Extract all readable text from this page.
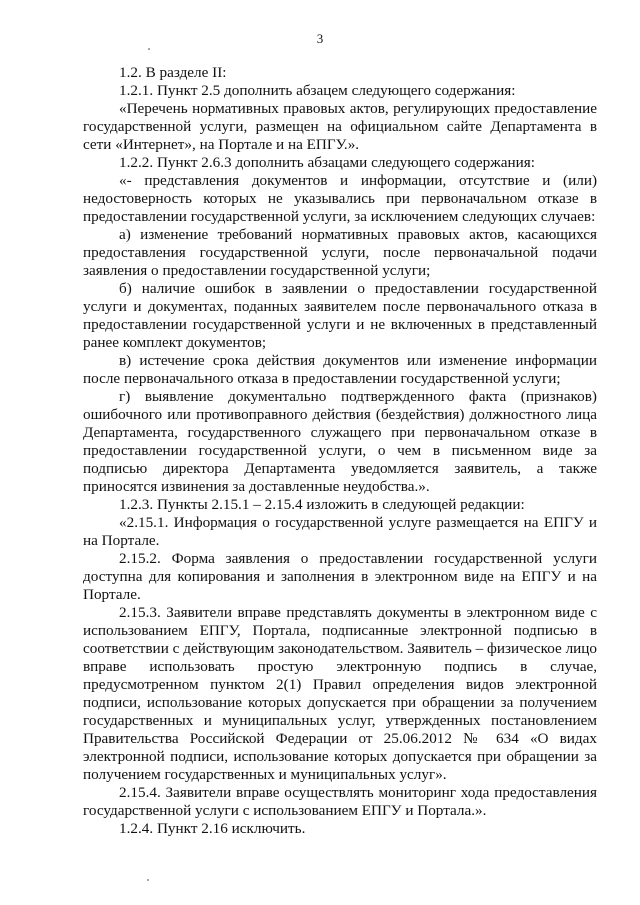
3

1.2. В разделе II:

1.2.1. Пункт 2.5 дополнить абзацем следующего содержания:

«Перечень нормативных правовых актов, регулирующих предоставление государственной услуги, размещен на официальном сайте Департамента в сети «Интернет», на Портале и на ЕПГУ.».

1.2.2. Пункт 2.6.3 дополнить абзацами следующего содержания:

«- представления документов и информации, отсутствие и (или) недостоверность которых не указывались при первоначальном отказе в предоставлении государственной услуги, за исключением следующих случаев:

а) изменение требований нормативных правовых актов, касающихся предоставления государственной услуги, после первоначальной подачи заявления о предоставлении государственной услуги;

б) наличие ошибок в заявлении о предоставлении государственной услуги и документах, поданных заявителем после первоначального отказа в предоставлении государственной услуги и не включенных в представленный ранее комплект документов;

в) истечение срока действия документов или изменение информации после первоначального отказа в предоставлении государственной услуги;

г) выявление документально подтвержденного факта (признаков) ошибочного или противоправного действия (бездействия) должностного лица Департамента, государственного служащего при первоначальном отказе в предоставлении государственной услуги, о чем в письменном виде за подписью директора Департамента уведомляется заявитель, а также приносятся извинения за доставленные неудобства.».

1.2.3. Пункты 2.15.1 – 2.15.4 изложить в следующей редакции:

«2.15.1. Информация о государственной услуге размещается на ЕПГУ и на Портале.

2.15.2. Форма заявления о предоставлении государственной услуги доступна для копирования и заполнения в электронном виде на ЕПГУ и на Портале.

2.15.3. Заявители вправе представлять документы в электронном виде с использованием ЕПГУ, Портала, подписанные электронной подписью в соответствии с действующим законодательством. Заявитель – физическое лицо вправе использовать простую электронную подпись в случае, предусмотренном пунктом 2(1) Правил определения видов электронной подписи, использование которых допускается при обращении за получением государственных и муниципальных услуг, утвержденных постановлением Правительства Российской Федерации от 25.06.2012 № 634 «О видах электронной подписи, использование которых допускается при обращении за получением государственных и муниципальных услуг».

2.15.4. Заявители вправе осуществлять мониторинг хода предоставления государственной услуги с использованием ЕПГУ и Портала.».

1.2.4. Пункт 2.16 исключить.
